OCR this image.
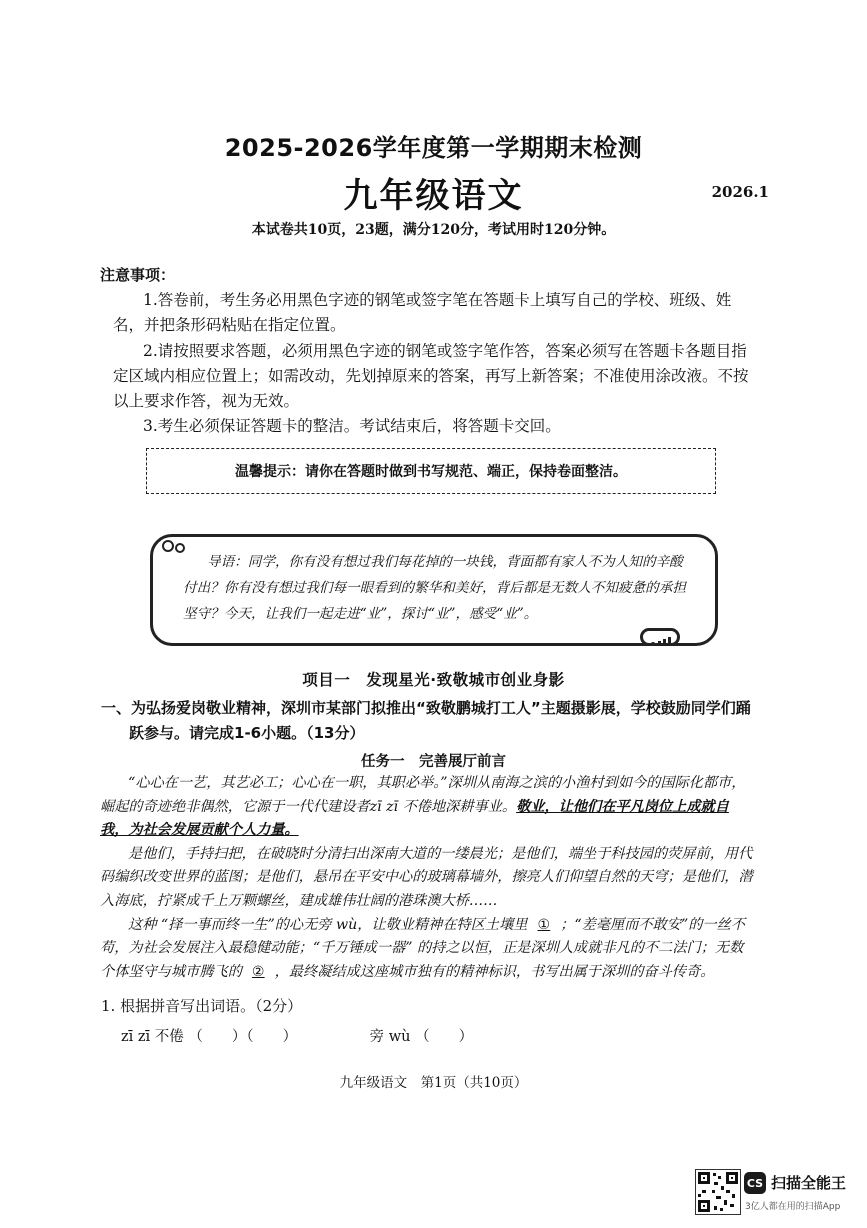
2025-2026学年度第一学期期末检测
九年级语文	2026.1
本试卷共10页，23题，满分120分，考试用时120分钟。
注意事项：

1.答卷前，考生务必用黑色字迹的钢笔或签字笔在答题卡上填写自己的学校、班级、姓名，并把条形码粘贴在指定位置。

2.请按照要求答题，必须用黑色字迹的钢笔或签字笔作答，答案必须写在答题卡各题目指定区域内相应位置上；如需改动，先划掉原来的答案，再写上新答案；不准使用涂改液。不按以上要求作答，视为无效。

3.考生必须保证答题卡的整洁。考试结束后，将答题卡交回。

温馨提示：请你在答题时做到书写规范、端正，保持卷面整洁。

导语：同学，你有没有想过我们每花掉的一块钱，背面都有家人不为人知的辛酸付出？你有没有想过我们每一眼看到的繁华和美好，背后都是无数人不知疲惫的承担坚守？今天，让我们一起走进“业”，探讨“业”，感受“业”。

项目一　发现星光·致敬城市创业身影
一、为弘扬爱岗敬业精神，深圳市某部门拟推出“致敬鹏城打工人”主题摄影展，学校鼓励同学们踊
跃参与。请完成1-6小题。（13分）
任务一　完善展厅前言

“心心在一艺，其艺必工；心心在一职，其职必举。”深圳从南海之滨的小渔村到如今的国际化都市，崛起的奇迹绝非偶然，它源于一代代建设者zī zī 不倦地深耕事业。敬业，让他们在平凡岗位上成就自我，为社会发展贡献个人力量。

是他们，手持扫把，在破晓时分清扫出深南大道的一缕晨光；是他们，端坐于科技园的荧屏前，用代码编织改变世界的蓝图；是他们，悬吊在平安中心的玻璃幕墙外，擦亮人们仰望自然的天穹；是他们，潜入海底，拧紧成千上万颗螺丝，建成雄伟壮阔的港珠澳大桥……

这种 “择一事而终一生”的心无旁 wù，让敬业精神在特区土壤里 ① ；“差毫厘而不敢安”的一丝不苟，为社会发展注入最稳健动能；“千万锤成一器” 的持之以恒，正是深圳人成就非凡的不二法门；无数个体坚守与城市腾飞的 ② ，最终凝结成这座城市独有的精神标识，书写出属于深圳的奋斗传奇。

1. 根据拼音写出词语。（2分）
zī zī 不倦 （　　）（　　）	旁 wù （　　）
九年级语文　第1页（共10页）
CS 扫描全能王
3亿人都在用的扫描App
